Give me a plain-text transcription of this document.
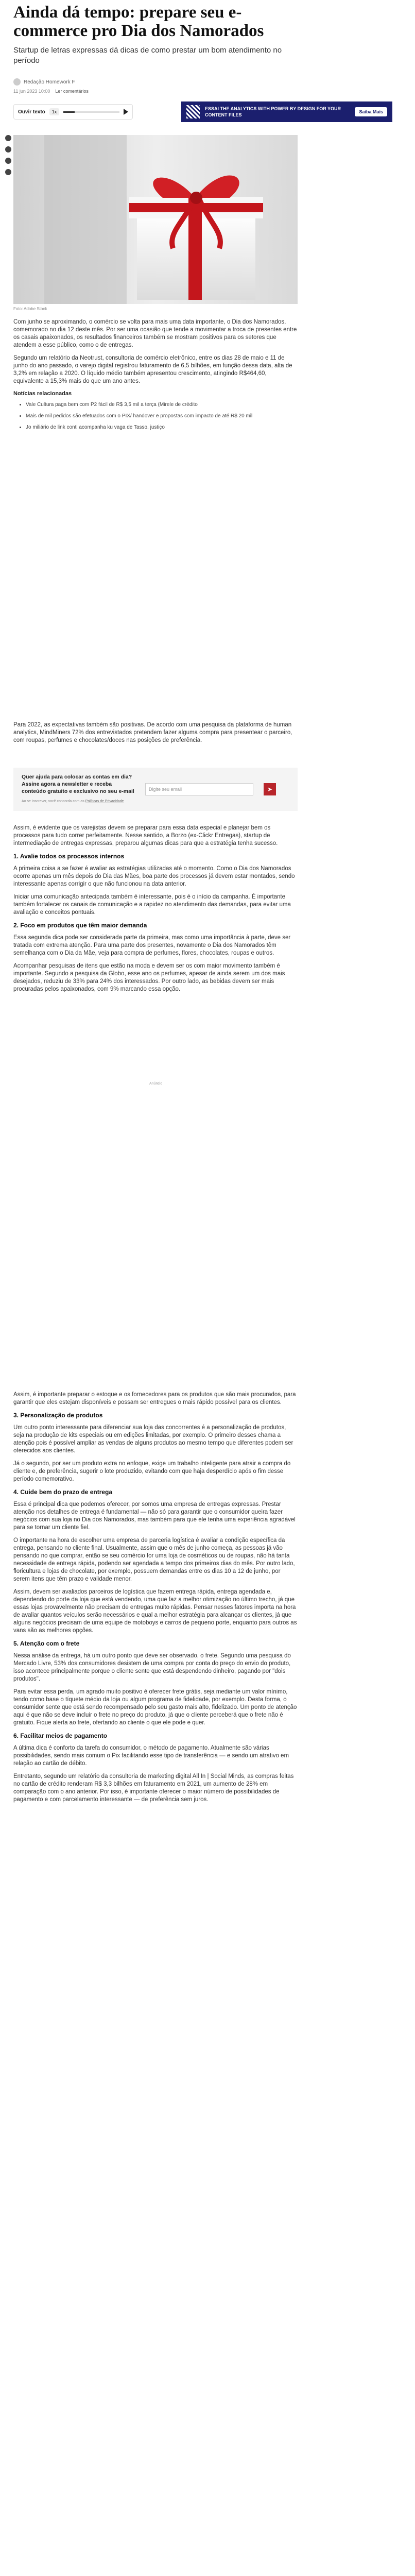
Ainda dá tempo: prepare seu e-commerce pro Dia dos Namorados

Startup de letras expressas dá dicas de como prestar um bom atendimento no período

Redação Homework F
11 jun 2023 10:00 Ler comentários
Ouvir texto	1x
ESSAI THE ANALYTICS WITH POWER BY DESIGN FOR YOUR CONTENT FILES
Saiba Mais
Foto: Adobe Stock

Com junho se aproximando, o comércio se volta para mais uma data importante, o Dia dos Namorados, comemorado no dia 12 deste mês. Por ser uma ocasião que tende a movimentar a troca de presentes entre os casais apaixonados, os resultados financeiros também se mostram positivos para os setores que atendem a esse público, como o de entregas.

Segundo um relatório da Neotrust, consultoria de comércio eletrônico, entre os dias 28 de maio e 11 de junho do ano passado, o varejo digital registrou faturamento de 6,5 bilhões, em função dessa data, alta de 3,2% em relação a 2020. O líquido médio também apresentou crescimento, atingindo R$464,60, equivalente a 15,3% mais do que um ano antes.

Notícias relacionadas

• Vale Cultura paga bem com P2 fácil de R$ 3,5 mil a terça (Mirele de crédito
• Mais de mil pedidos são efetuados com o PIX/ handover e propostas com impacto de até R$ 20 mil
• Jo miliário de link conti acompanha ku vaga de Tasso, justiço

Para 2022, as expectativas também são positivas. De acordo com uma pesquisa da plataforma de human analytics, MindMiners 72% dos entrevistados pretendem fazer alguma compra para presentear o parceiro, com roupas, perfumes e chocolates/doces nas posições de preferência.

Quer ajuda para colocar as contas em dia? Assine agora a newsletter e receba conteúdo gratuito e exclusivo no seu e-mail
Ao se inscrever, você concorda com as Políticas de Privacidade
Digite seu email	➤

Assim, é evidente que os varejistas devem se preparar para essa data especial e planejar bem os processos para tudo correr perfeitamente. Nesse sentido, a Borzo (ex-Clickr Entregas), startup de intermediação de entregas expressas, preparou algumas dicas para que a estratégia tenha sucesso.

1. Avalie todos os processos internos

A primeira coisa a se fazer é avaliar as estratégias utilizadas até o momento. Como o Dia dos Namorados ocorre apenas um mês depois do Dia das Mães, boa parte dos processos já devem estar montados, sendo interessante apenas corrigir o que não funcionou na data anterior.

Iniciar uma comunicação antecipada também é interessante, pois é o início da campanha. É importante também fortalecer os canais de comunicação e a rapidez no atendimento das demandas, para evitar uma avaliação e conceitos pontuais.

2. Foco em produtos que têm maior demanda

Essa segunda dica pode ser considerada parte da primeira, mas como uma importância à parte, deve ser tratada com extrema atenção. Para uma parte dos presentes, novamente o Dia dos Namorados têm semelhança com o Dia da Mãe, veja para compra de perfumes, flores, chocolates, roupas e outros.

Acompanhar pesquisas de itens que estão na moda e devem ser os com maior movimento também é importante. Segundo a pesquisa da Globo, esse ano os perfumes, apesar de ainda serem um dos mais desejados, reduziu de 33% para 24% dos interessados. Por outro lado, as bebidas devem ser mais procuradas pelos apaixonados, com 9% marcando essa opção.

Anúncio

Assim, é importante preparar o estoque e os fornecedores para os produtos que são mais procurados, para garantir que eles estejam disponíveis e possam ser entregues o mais rápido possível para os clientes.

3. Personalização de produtos

Um outro ponto interessante para diferenciar sua loja das concorrentes é a personalização de produtos, seja na produção de kits especiais ou em edições limitadas, por exemplo. O primeiro desses chama a atenção pois é possível ampliar as vendas de alguns produtos ao mesmo tempo que diferentes podem ser oferecidos aos clientes.

Já o segundo, por ser um produto extra no enfoque, exige um trabalho inteligente para atrair a compra do cliente e, de preferência, sugerir o lote produzido, evitando com que haja desperdício após o fim desse período comemorativo.

4. Cuide bem do prazo de entrega

Essa é principal dica que podemos oferecer, por somos uma empresa de entregas expressas. Prestar atenção nos detalhes de entrega é fundamental — não só para garantir que o consumidor queira fazer negócios com sua loja no Dia dos Namorados, mas também para que ele tenha uma experiência agradável para se tornar um cliente fiel.

O importante na hora de escolher uma empresa de parceria logística é avaliar a condição específica da entrega, pensando no cliente final. Usualmente, assim que o mês de junho começa, as pessoas já vão pensando no que comprar, então se seu comércio for uma loja de cosméticos ou de roupas, não há tanta necessidade de entrega rápida, podendo ser agendada a tempo dos primeiros dias do mês. Por outro lado, floricultura e lojas de chocolate, por exemplo, possuem demandas entre os dias 10 a 12 de junho, por serem itens que têm prazo e validade menor.

Assim, devem ser avaliados parceiros de logística que fazem entrega rápida, entrega agendada e, dependendo do porte da loja que está vendendo, uma que faz a melhor otimização no último trecho, já que essas lojas provavelmente não precisam de entregas muito rápidas. Pensar nesses fatores importa na hora de avaliar quantos veículos serão necessários e qual a melhor estratégia para alcançar os clientes, já que alguns negócios precisam de uma equipe de motoboys e carros de pequeno porte, enquanto para outros as vans são as melhores opções.

5. Atenção com o frete

Nessa análise da entrega, há um outro ponto que deve ser observado, o frete. Segundo uma pesquisa do Mercado Livre, 53% dos consumidores desistem de uma compra por conta do preço do envio do produto, isso acontece principalmente porque o cliente sente que está despendendo dinheiro, pagando por "dois produtos".

Para evitar essa perda, um agrado muito positivo é oferecer frete grátis, seja mediante um valor mínimo, tendo como base o tíquete médio da loja ou algum programa de fidelidade, por exemplo. Desta forma, o consumidor sente que está sendo recompensado pelo seu gasto mais alto, fidelizado. Um ponto de atenção aqui é que não se deve incluir o frete no preço do produto, já que o cliente perceberá que o frete não é gratuito. Fique alerta ao frete, ofertando ao cliente o que ele pode e quer.

6. Facilitar meios de pagamento

A última dica é conforto da tarefa do consumidor, o método de pagamento. Atualmente são várias possibilidades, sendo mais comum o Pix facilitando esse tipo de transferência — e sendo um atrativo em relação ao cartão de débito.

Entretanto, segundo um relatório da consultoria de marketing digital All In | Social Minds, as compras feitas no cartão de crédito renderam R$ 3,3 bilhões em faturamento em 2021, um aumento de 28% em comparação com o ano anterior. Por isso, é importante oferecer o maior número de possibilidades de pagamento e com parcelamento interessante — de preferência sem juros.
